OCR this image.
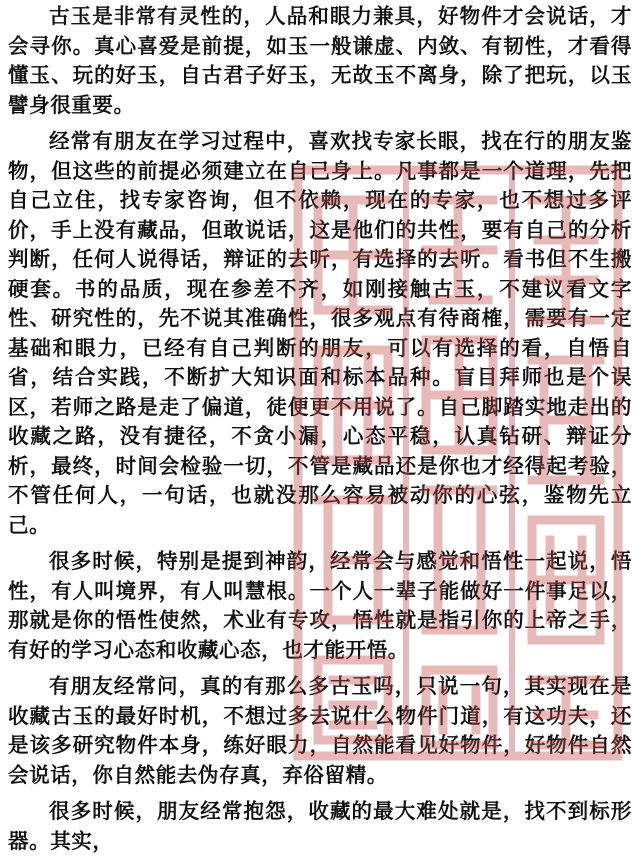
古玉是非常有灵性的，人品和眼力兼具，好物件才会说话，才会寻你。真心喜爱是前提，如玉一般谦虚、内敛、有韧性，才看得懂玉、玩的好玉，自古君子好玉，无故玉不离身，除了把玩，以玉譬身很重要。

经常有朋友在学习过程中，喜欢找专家长眼，找在行的朋友鉴物，但这些的前提必须建立在自己身上。凡事都是一个道理，先把自己立住，找专家咨询，但不依赖，现在的专家，也不想过多评价，手上没有藏品，但敢说话，这是他们的共性，要有自己的分析判断，任何人说得话，辩证的去听，有选择的去听。看书但不生搬硬套。书的品质，现在参差不齐，如刚接触古玉，不建议看文字性、研究性的，先不说其准确性，很多观点有待商榷，需要有一定基础和眼力，已经有自己判断的朋友，可以有选择的看，自悟自省，结合实践，不断扩大知识面和标本品种。盲目拜师也是个误区，若师之路是走了偏道，徒便更不用说了。自己脚踏实地走出的收藏之路，没有捷径，不贪小漏，心态平稳，认真钻研、辩证分析，最终，时间会检验一切，不管是藏品还是你也才经得起考验，不管任何人，一句话，也就没那么容易被动你的心弦，鉴物先立己。

很多时候，特别是提到神韵，经常会与感觉和悟性一起说，悟性，有人叫境界，有人叫慧根。一个人一辈子能做好一件事足以，那就是你的悟性使然，术业有专攻，悟性就是指引你的上帝之手，有好的学习心态和收藏心态，也才能开悟。

有朋友经常问，真的有那么多古玉吗，只说一句，其实现在是收藏古玉的最好时机，不想过多去说什么物件门道，有这功夫，还是该多研究物件本身，练好眼力，自然能看见好物件，好物件自然会说话，你自然能去伪存真，弃俗留精。

很多时候，朋友经常抱怨，收藏的最大难处就是，找不到标形器。其实，
